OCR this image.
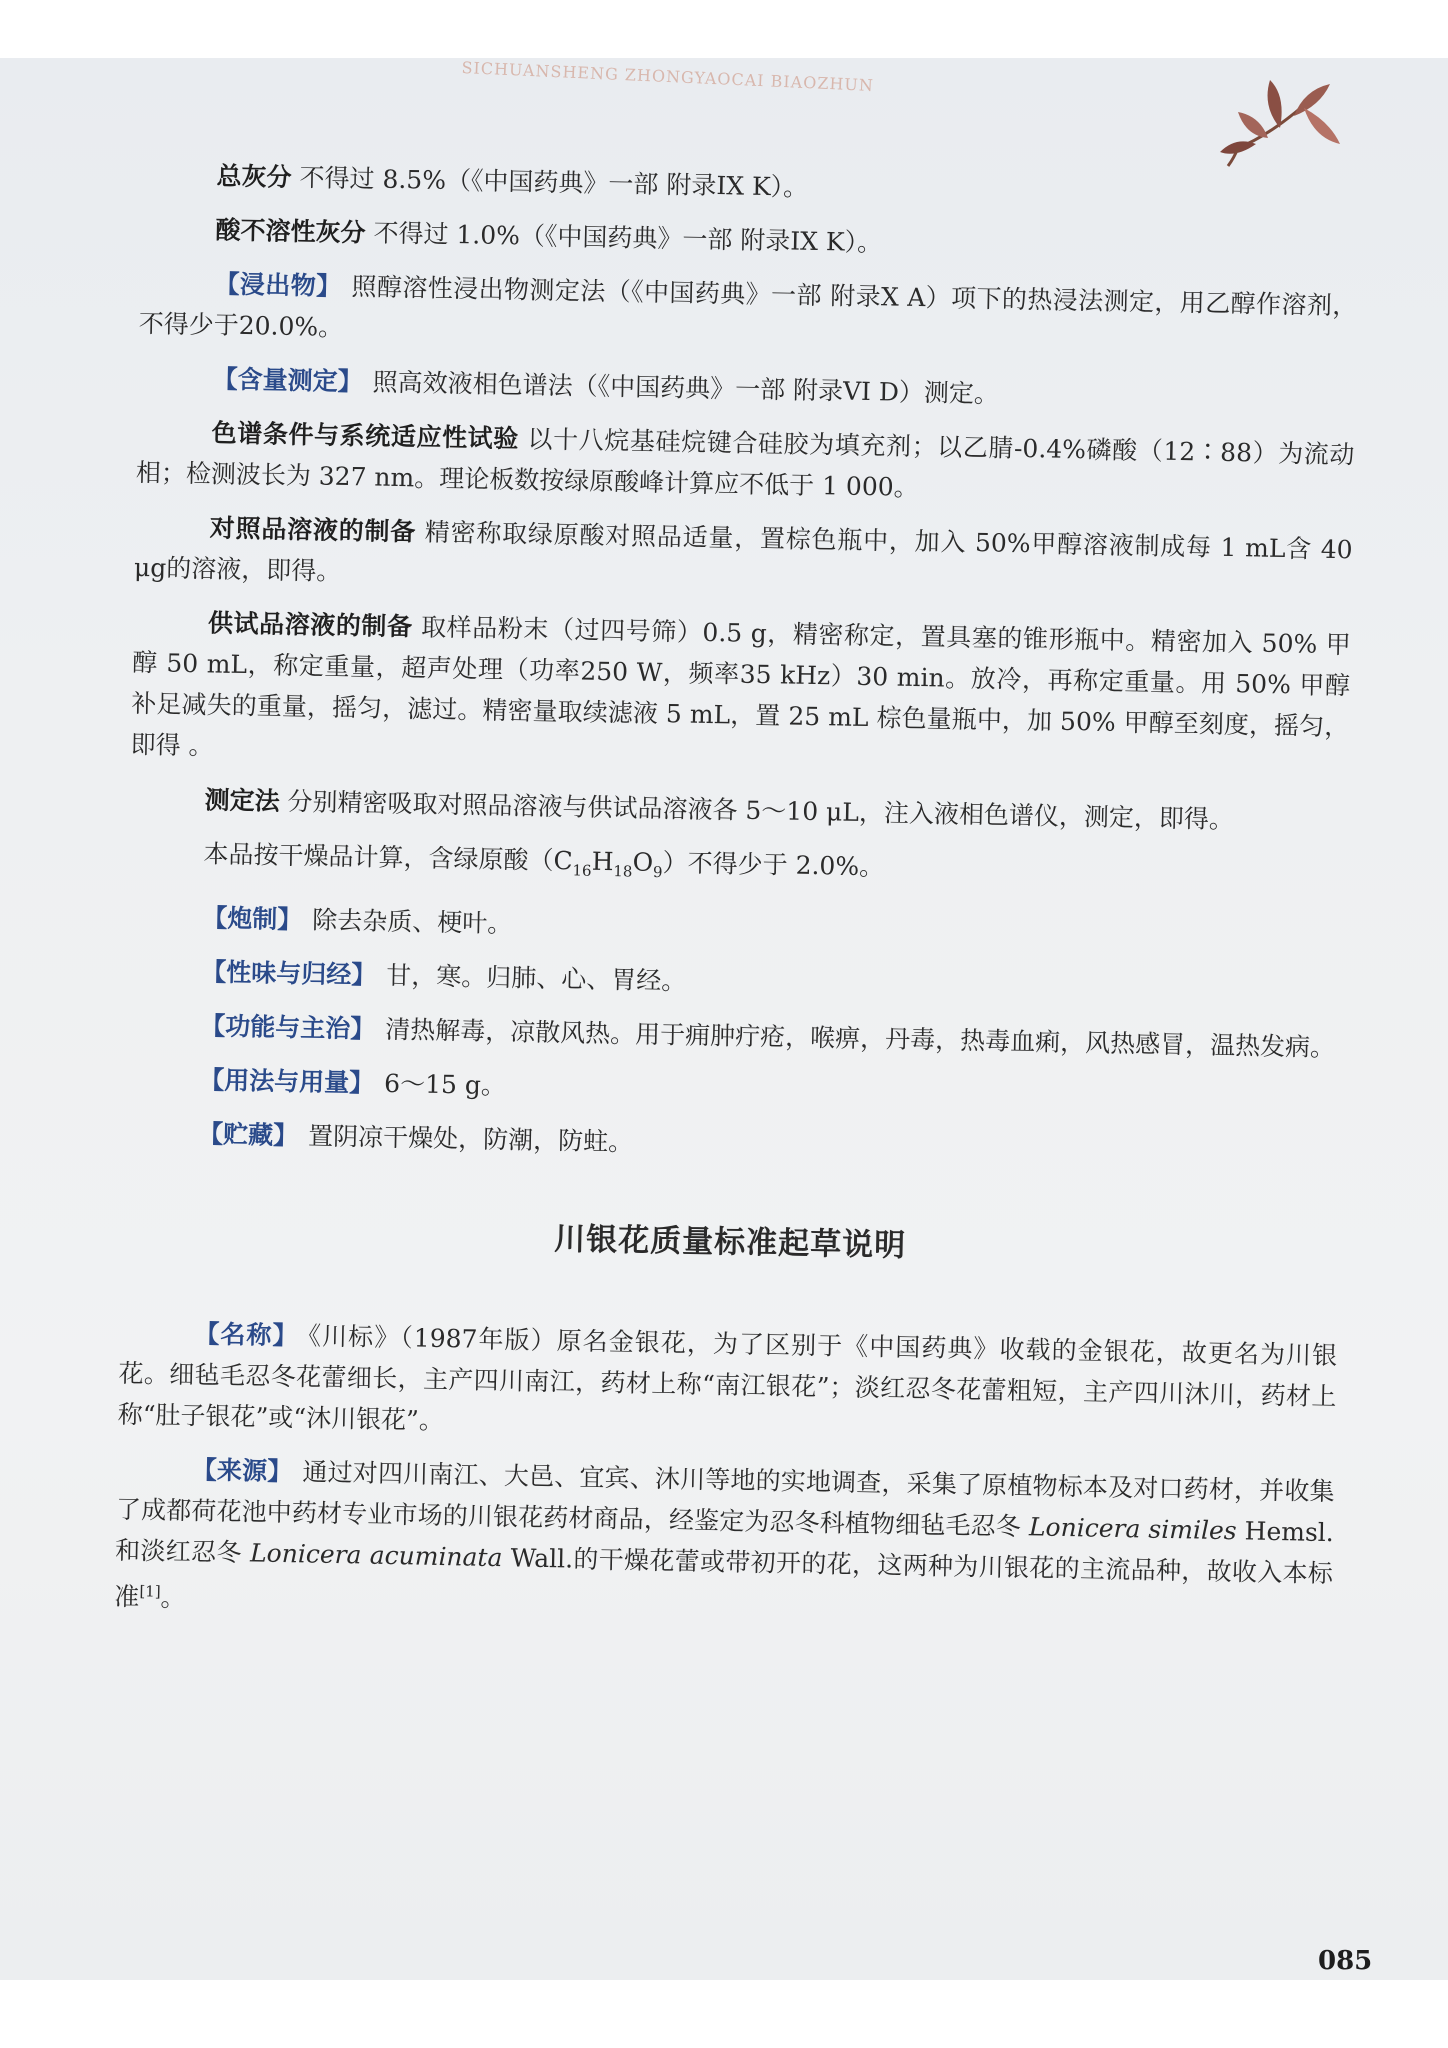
SICHUANSHENG ZHONGYAOCAI BIAOZHUN

总灰分 不得过 8.5%（《中国药典》一部 附录IX K）。

酸不溶性灰分 不得过 1.0%（《中国药典》一部 附录IX K）。

【浸出物】 照醇溶性浸出物测定法（《中国药典》一部 附录X A）项下的热浸法测定，用乙醇作溶剂，不得少于20.0%。

【含量测定】 照高效液相色谱法（《中国药典》一部 附录VI D）测定。

色谱条件与系统适应性试验 以十八烷基硅烷键合硅胶为填充剂；以乙腈-0.4%磷酸（12∶88）为流动相；检测波长为 327 nm。理论板数按绿原酸峰计算应不低于 1 000。

对照品溶液的制备 精密称取绿原酸对照品适量，置棕色瓶中，加入 50%甲醇溶液制成每 1 mL含 40 μg的溶液，即得。

供试品溶液的制备 取样品粉末（过四号筛）0.5 g，精密称定，置具塞的锥形瓶中。精密加入 50% 甲醇 50 mL，称定重量，超声处理（功率250 W，频率35 kHz）30 min。放冷，再称定重量。用 50% 甲醇补足减失的重量，摇匀，滤过。精密量取续滤液 5 mL，置 25 mL 棕色量瓶中，加 50% 甲醇至刻度，摇匀，即得 。

测定法 分别精密吸取对照品溶液与供试品溶液各 5～10 μL，注入液相色谱仪，测定，即得。

本品按干燥品计算，含绿原酸$(C_{16}H_{18}O_9)$不得少于 2.0%。

【炮制】 除去杂质、梗叶。

【性味与归经】 甘，寒。归肺、心、胃经。

【功能与主治】 清热解毒，凉散风热。用于痈肿疔疮，喉痹，丹毒，热毒血痢，风热感冒，温热发病。

【用法与用量】 6～15 g。

【贮藏】 置阴凉干燥处，防潮，防蛀。

川银花质量标准起草说明

【名称】 《川标》（1987年版）原名金银花，为了区别于《中国药典》收载的金银花，故更名为川银花。细毡毛忍冬花蕾细长，主产四川南江，药材上称“南江银花”；淡红忍冬花蕾粗短，主产四川沐川，药材上称“肚子银花”或“沐川银花”。

【来源】 通过对四川南江、大邑、宜宾、沐川等地的实地调查，采集了原植物标本及对口药材，并收集了成都荷花池中药材专业市场的川银花药材商品，经鉴定为忍冬科植物细毡毛忍冬 Lonicera similes Hemsl.和淡红忍冬 Lonicera acuminata Wall.的干燥花蕾或带初开的花，这两种为川银花的主流品种，故收入本标准[1]。

085
